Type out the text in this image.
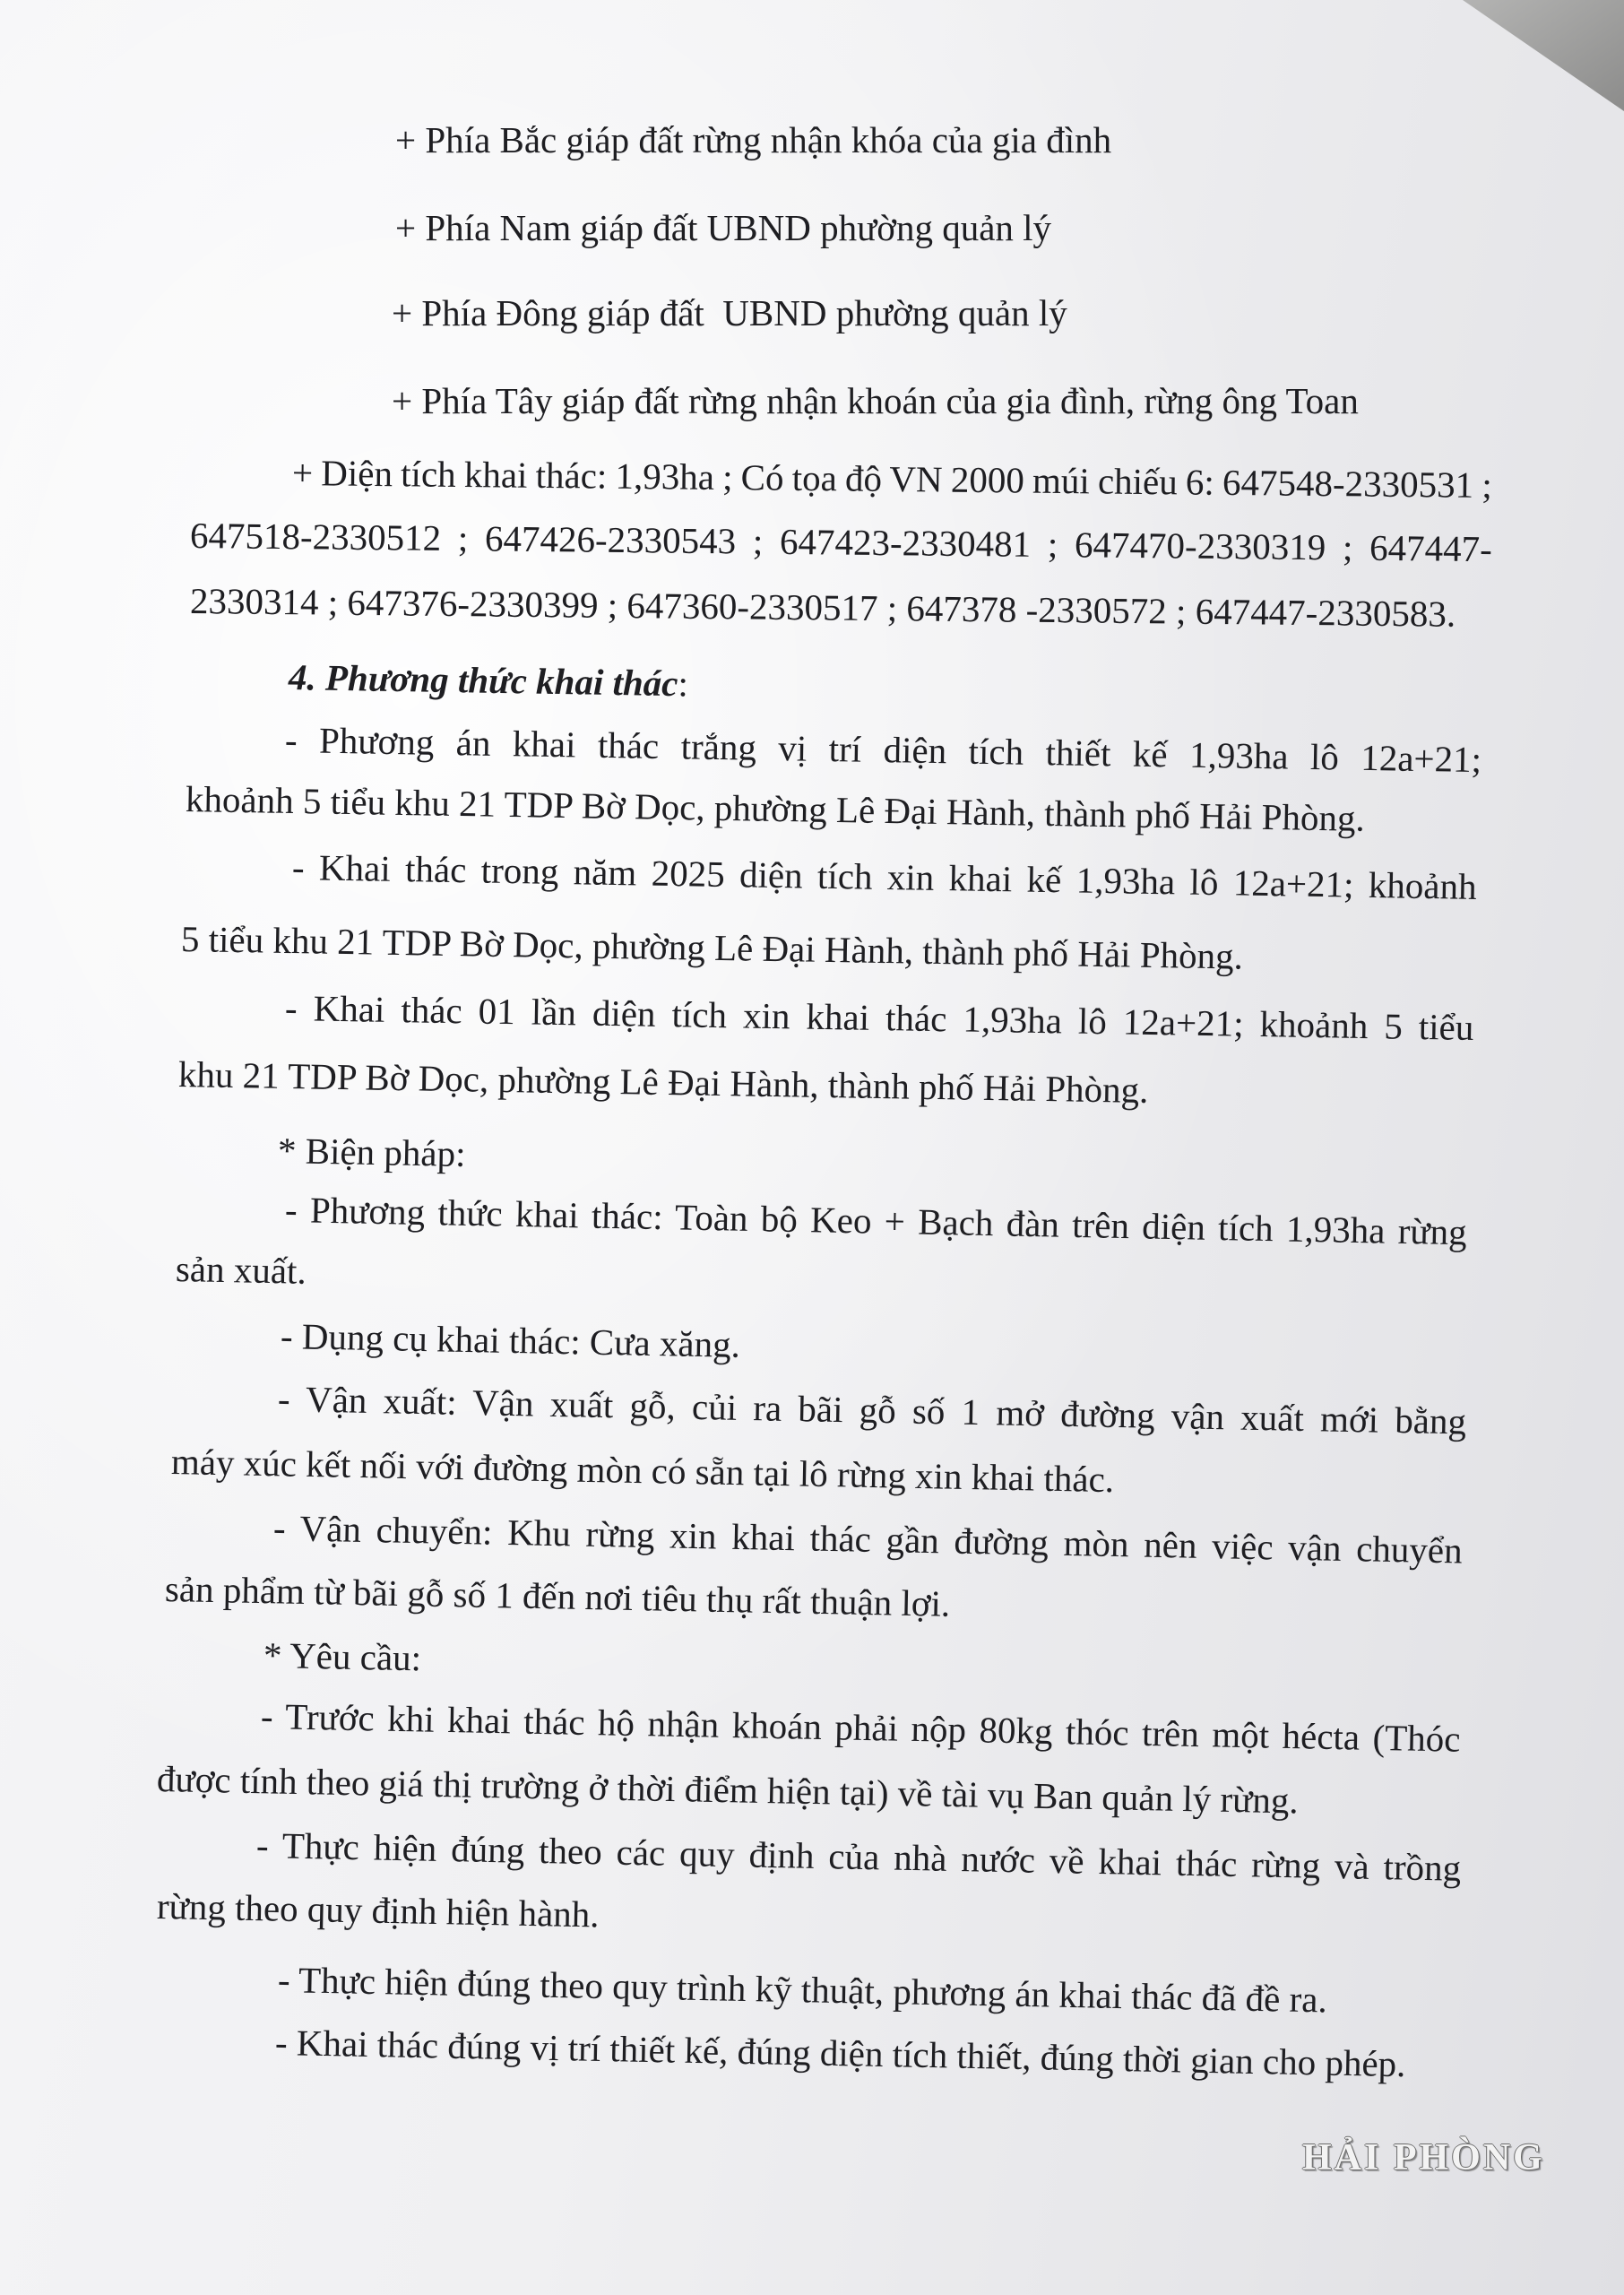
+ Phía Bắc giáp đất rừng nhận khóa của gia đình
+ Phía Nam giáp đất UBND phường quản lý
+ Phía Đông giáp đất  UBND phường quản lý
+ Phía Tây giáp đất rừng nhận khoán của gia đình, rừng ông Toan
+ Diện tích khai thác: 1,93ha ; Có tọa độ VN 2000 múi chiếu 6: 647548-2330531 ;
647518-2330512 ; 647426-2330543 ; 647423-2330481 ; 647470-2330319 ; 647447-
2330314 ; 647376-2330399 ; 647360-2330517 ; 647378 -2330572 ; 647447-2330583.
4. Phương thức khai thác:
- Phương án khai thác trắng vị trí diện tích thiết kế 1,93ha lô 12a+21;
khoảnh 5 tiểu khu 21 TDP Bờ Dọc, phường Lê Đại Hành, thành phố Hải Phòng.
- Khai thác trong năm 2025 diện tích xin khai kế 1,93ha lô 12a+21; khoảnh
5 tiểu khu 21 TDP Bờ Dọc, phường Lê Đại Hành, thành phố Hải Phòng.
- Khai thác 01 lần diện tích xin khai thác 1,93ha lô 12a+21; khoảnh 5 tiểu
khu 21 TDP Bờ Dọc, phường Lê Đại Hành, thành phố Hải Phòng.
* Biện pháp:
- Phương thức khai thác: Toàn bộ Keo + Bạch đàn trên diện tích 1,93ha rừng
sản xuất.
- Dụng cụ khai thác: Cưa xăng.
- Vận xuất: Vận xuất gỗ, củi ra bãi gỗ số 1 mở đường vận xuất mới bằng
máy xúc kết nối với đường mòn có sẵn tại lô rừng xin khai thác.
- Vận chuyển: Khu rừng xin khai thác gần đường mòn nên việc vận chuyển
sản phẩm từ bãi gỗ số 1 đến nơi tiêu thụ rất thuận lợi.
* Yêu cầu:
- Trước khi khai thác hộ nhận khoán phải nộp 80kg thóc trên một hécta (Thóc
được tính theo giá thị trường ở thời điểm hiện tại) về tài vụ Ban quản lý rừng.
- Thực hiện đúng theo các quy định của nhà nước về khai thác rừng và trồng
rừng theo quy định hiện hành.
- Thực hiện đúng theo quy trình kỹ thuật, phương án khai thác đã đề ra.
- Khai thác đúng vị trí thiết kế, đúng diện tích thiết, đúng thời gian cho phép.
HẢI PHÒNG
